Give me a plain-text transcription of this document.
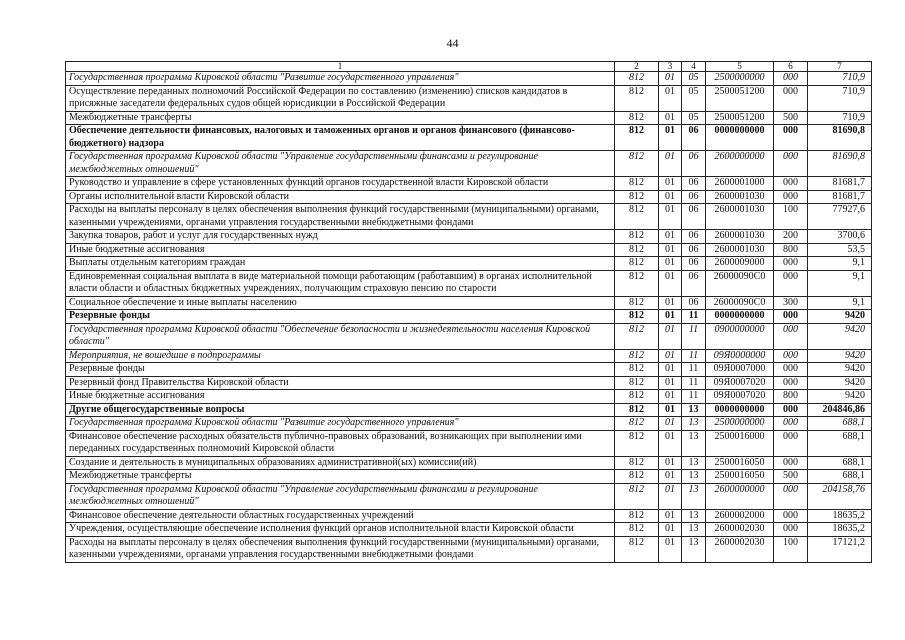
44
1	2	3	4	5	6	7
Государственная программа Кировской области "Развитие государственного управления"	812	01	05	2500000000	000	710,9
Осуществление переданных полномочий Российской Федерации по составлению (изменению) списков кандидатов в присяжные заседатели федеральных судов общей юрисдикции в Российской Федерации	812	01	05	2500051200	000	710,9
Межбюджетные трансферты	812	01	05	2500051200	500	710,9
Обеспечение деятельности финансовых, налоговых и таможенных органов и органов финансового (финансово-бюджетного) надзора	812	01	06	0000000000	000	81690,8
Государственная программа Кировской области "Управление государственными финансами и регулирование межбюджетных отношений"	812	01	06	2600000000	000	81690,8
Руководство и управление в сфере установленных функций органов государственной власти Кировской области	812	01	06	2600001000	000	81681,7
Органы исполнительной власти Кировской области	812	01	06	2600001030	000	81681,7
Расходы на выплаты персоналу в целях обеспечения выполнения функций государственными (муниципальными) органами, казенными учреждениями, органами управления государственными внебюджетными фондами	812	01	06	2600001030	100	77927,6
Закупка товаров, работ и услуг для государственных нужд	812	01	06	2600001030	200	3700,6
Иные бюджетные ассигнования	812	01	06	2600001030	800	53,5
Выплаты отдельным категориям граждан	812	01	06	2600009000	000	9,1
Единовременная социальная выплата в виде материальной помощи работающим (работавшим) в органах исполнительной власти области и областных бюджетных учреждениях, получающим страховую пенсию по старости	812	01	06	26000090С0	000	9,1
Социальное обеспечение и иные выплаты населению	812	01	06	26000090С0	300	9,1
Резервные фонды	812	01	11	0000000000	000	9420
Государственная программа Кировской области "Обеспечение безопасности и жизнедеятельности населения Кировской области"	812	01	11	0900000000	000	9420
Мероприятия, не вошедшие в подпрограммы	812	01	11	09Я0000000	000	9420
Резервные фонды	812	01	11	09Я0007000	000	9420
Резервный фонд Правительства Кировской области	812	01	11	09Я0007020	000	9420
Иные бюджетные ассигнования	812	01	11	09Я0007020	800	9420
Другие общегосударственные вопросы	812	01	13	0000000000	000	204846,86
Государственная программа Кировской области "Развитие государственного управления"	812	01	13	2500000000	000	688,1
Финансовое обеспечение расходных обязательств публично-правовых образований, возникающих при выполнении ими переданных государственных полномочий Кировской области	812	01	13	2500016000	000	688,1
Создание и деятельность в муниципальных образованиях административной(ых) комиссии(ий)	812	01	13	2500016050	000	688,1
Межбюджетные трансферты	812	01	13	2500016050	500	688,1
Государственная программа Кировской области "Управление государственными финансами и регулирование межбюджетных отношений"	812	01	13	2600000000	000	204158,76
Финансовое обеспечение деятельности областных государственных учреждений	812	01	13	2600002000	000	18635,2
Учреждения, осуществляющие обеспечение исполнения функций органов исполнительной власти Кировской области	812	01	13	2600002030	000	18635,2
Расходы на выплаты персоналу в целях обеспечения выполнения функций государственными (муниципальными) органами, казенными учреждениями, органами управления государственными внебюджетными фондами	812	01	13	2600002030	100	17121,2
